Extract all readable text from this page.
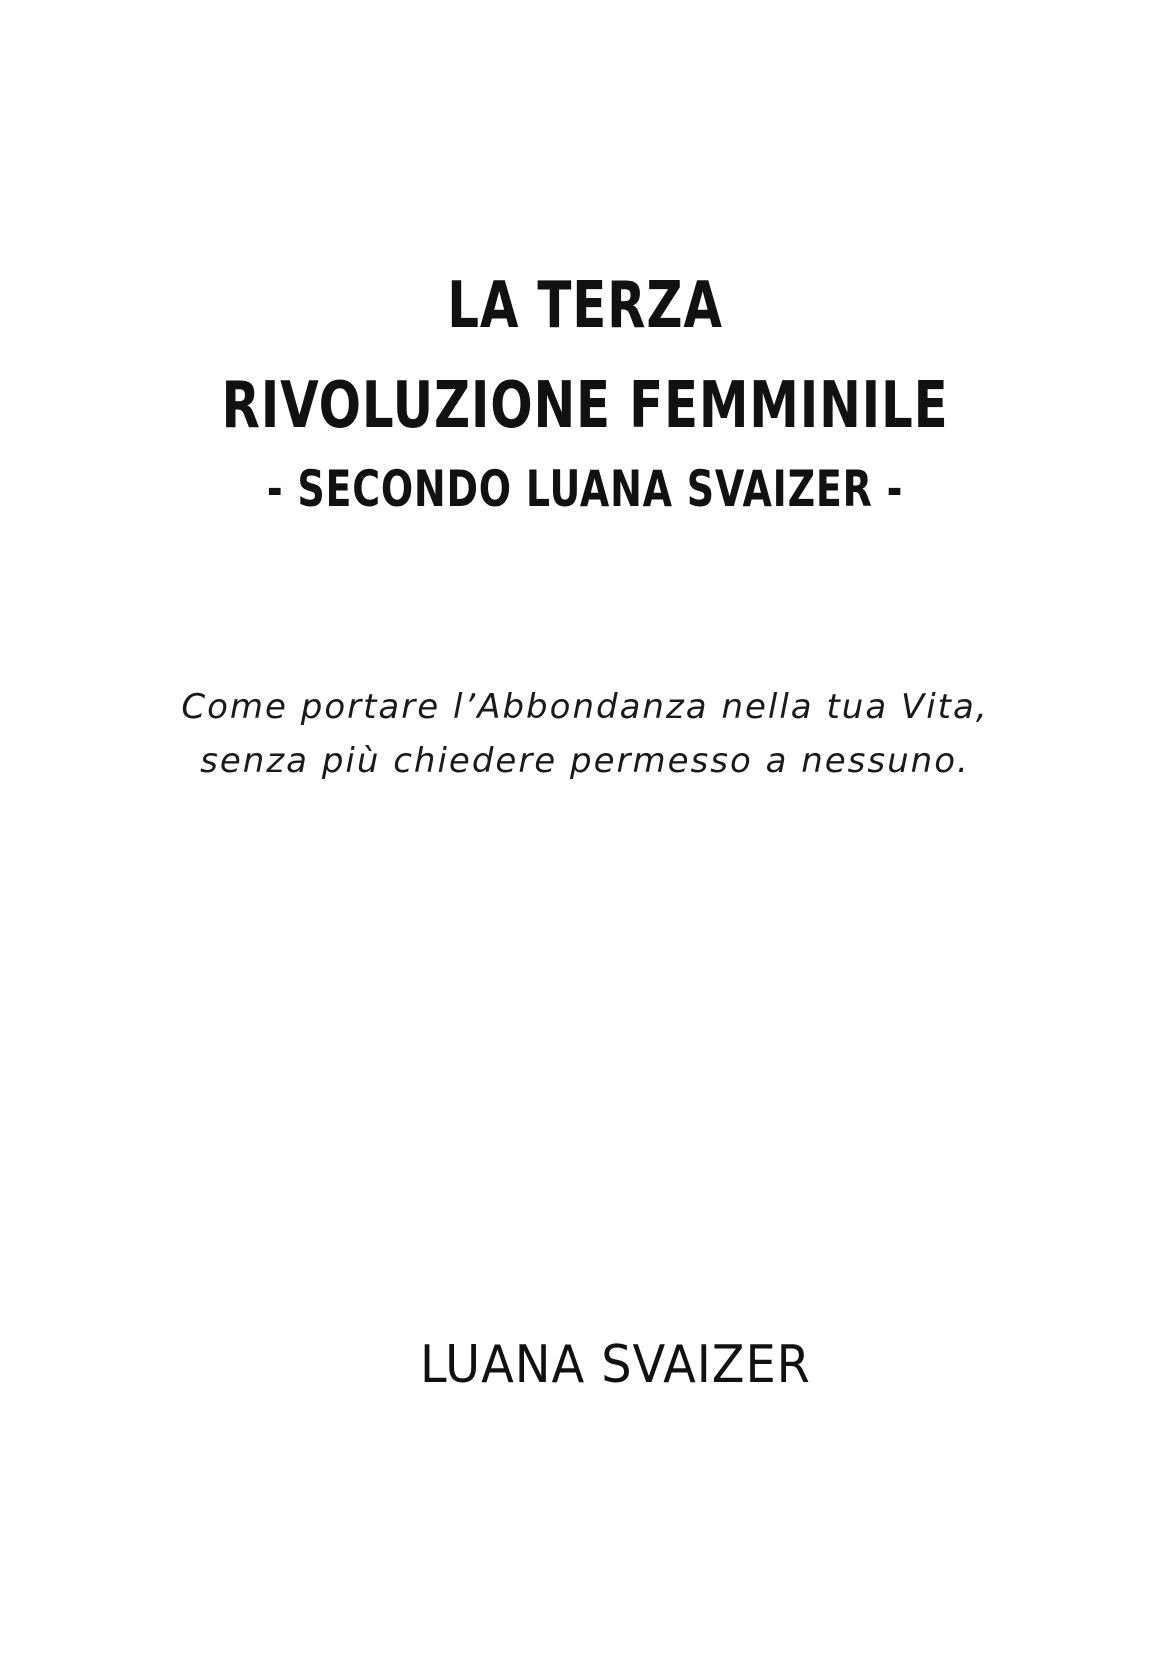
LA TERZA
RIVOLUZIONE FEMMINILE
- SECONDO LUANA SVAIZER -
Come portare l’Abbondanza nella tua Vita,
senza più chiedere permesso a nessuno.
LUANA SVAIZER
